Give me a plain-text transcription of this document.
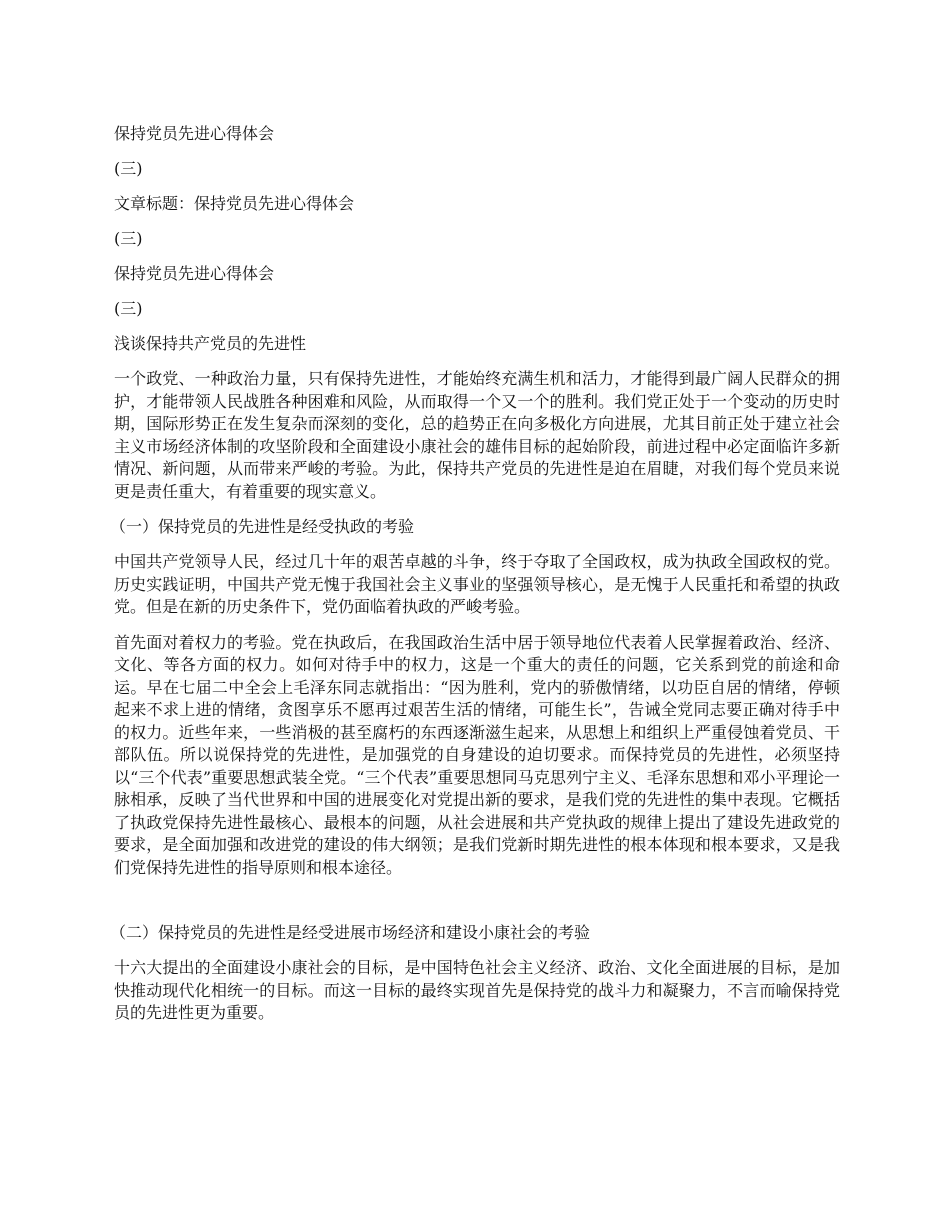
保持党员先进心得体会
(三)
文章标题：保持党员先进心得体会
(三)
保持党员先进心得体会
(三)
浅谈保持共产党员的先进性

一个政党、一种政治力量，只有保持先进性，才能始终充满生机和活力，才能得到最广阔人民群众的拥护，才能带领人民战胜各种困难和风险，从而取得一个又一个的胜利。我们党正处于一个变动的历史时期，国际形势正在发生复杂而深刻的变化，总的趋势正在向多极化方向进展，尤其目前正处于建立社会主义市场经济体制的攻坚阶段和全面建设小康社会的雄伟目标的起始阶段，前进过程中必定面临许多新情况、新问题，从而带来严峻的考验。为此，保持共产党员的先进性是迫在眉睫，对我们每个党员来说更是责任重大，有着重要的现实意义。

（一）保持党员的先进性是经受执政的考验

中国共产党领导人民，经过几十年的艰苦卓越的斗争，终于夺取了全国政权，成为执政全国政权的党。历史实践证明，中国共产党无愧于我国社会主义事业的坚强领导核心，是无愧于人民重托和希望的执政党。但是在新的历史条件下，党仍面临着执政的严峻考验。

首先面对着权力的考验。党在执政后，在我国政治生活中居于领导地位代表着人民掌握着政治、经济、文化、等各方面的权力。如何对待手中的权力，这是一个重大的责任的问题，它关系到党的前途和命运。早在七届二中全会上毛泽东同志就指出：“因为胜利，党内的骄傲情绪，以功臣自居的情绪，停顿起来不求上进的情绪，贪图享乐不愿再过艰苦生活的情绪，可能生长”，告诫全党同志要正确对待手中的权力。近些年来，一些消极的甚至腐朽的东西逐渐滋生起来，从思想上和组织上严重侵蚀着党员、干部队伍。所以说保持党的先进性，是加强党的自身建设的迫切要求。而保持党员的先进性，必须坚持以“三个代表”重要思想武装全党。“三个代表”重要思想同马克思列宁主义、毛泽东思想和邓小平理论一脉相承，反映了当代世界和中国的进展变化对党提出新的要求，是我们党的先进性的集中表现。它概括了执政党保持先进性最核心、最根本的问题，从社会进展和共产党执政的规律上提出了建设先进政党的要求，是全面加强和改进党的建设的伟大纲领；是我们党新时期先进性的根本体现和根本要求，又是我们党保持先进性的指导原则和根本途径。

（二）保持党员的先进性是经受进展市场经济和建设小康社会的考验

十六大提出的全面建设小康社会的目标，是中国特色社会主义经济、政治、文化全面进展的目标，是加快推动现代化相统一的目标。而这一目标的最终实现首先是保持党的战斗力和凝聚力，不言而喻保持党员的先进性更为重要。
